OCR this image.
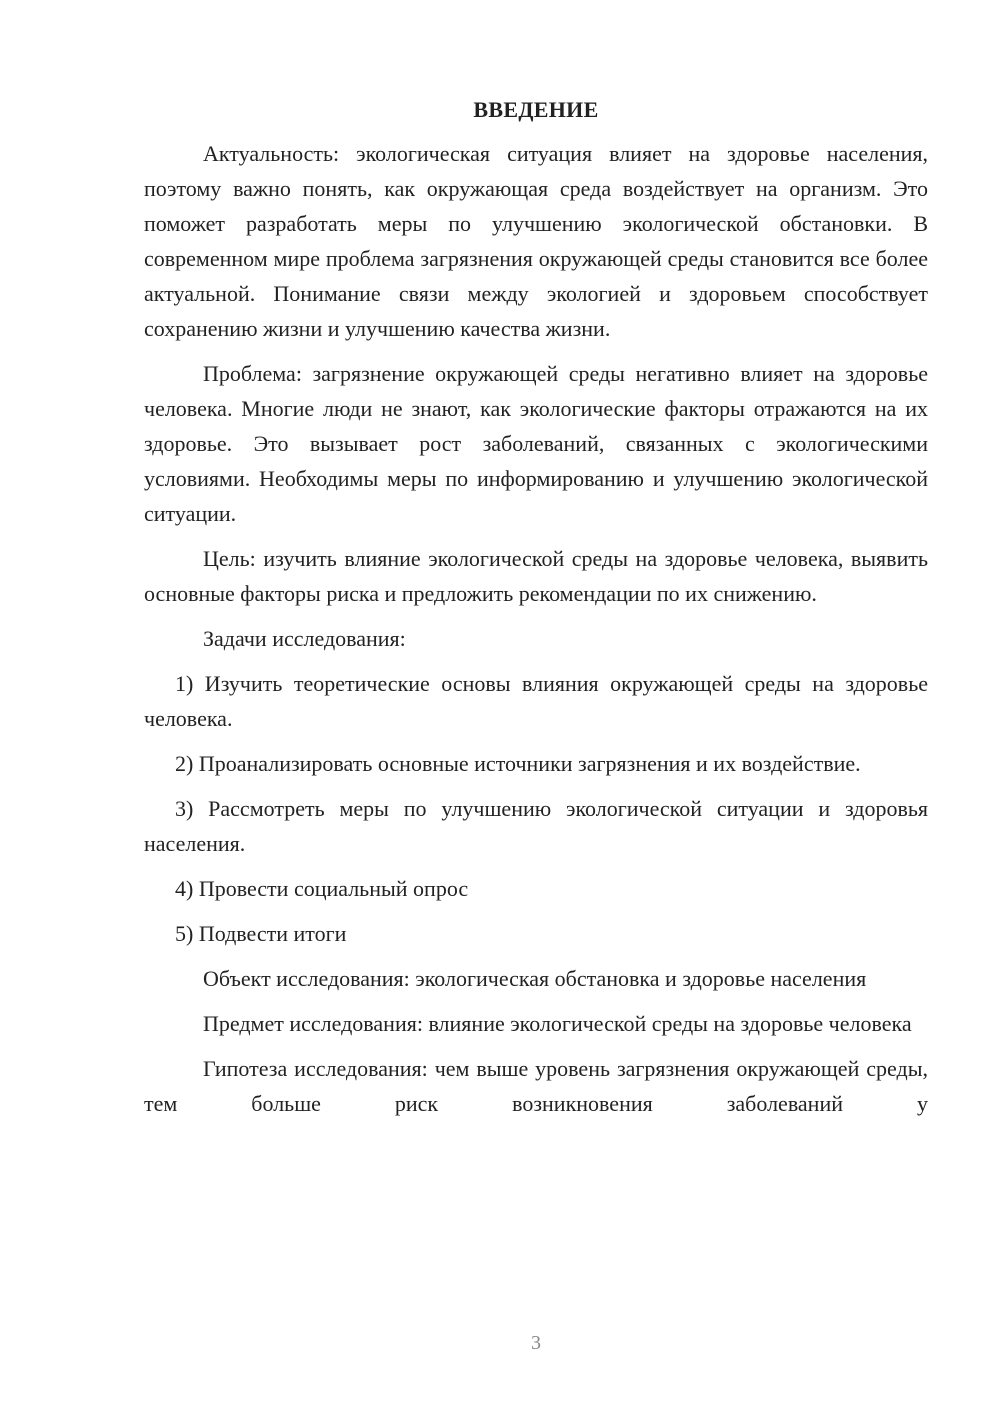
ВВЕДЕНИЕ

Актуальность: экологическая ситуация влияет на здоровье населения, поэтому важно понять, как окружающая среда воздействует на организм. Это поможет разработать меры по улучшению экологической обстановки. В современном мире проблема загрязнения окружающей среды становится все более актуальной. Понимание связи между экологией и здоровьем способствует сохранению жизни и улучшению качества жизни.

Проблема: загрязнение окружающей среды негативно влияет на здоровье человека. Многие люди не знают, как экологические факторы отражаются на их здоровье. Это вызывает рост заболеваний, связанных с экологическими условиями. Необходимы меры по информированию и улучшению экологической ситуации.

Цель: изучить влияние экологической среды на здоровье человека, выявить основные факторы риска и предложить рекомендации по их снижению.

Задачи исследования:

1) Изучить теоретические основы влияния окружающей среды на здоровье человека.

2) Проанализировать основные источники загрязнения и их воздействие.

3) Рассмотреть меры по улучшению экологической ситуации и здоровья населения.

4) Провести социальный опрос

5) Подвести итоги

Объект исследования: экологическая обстановка и здоровье населения

Предмет исследования: влияние экологической среды на здоровье человека

Гипотеза исследования: чем выше уровень загрязнения окружающей среды, тем больше риск возникновения заболеваний у

3
